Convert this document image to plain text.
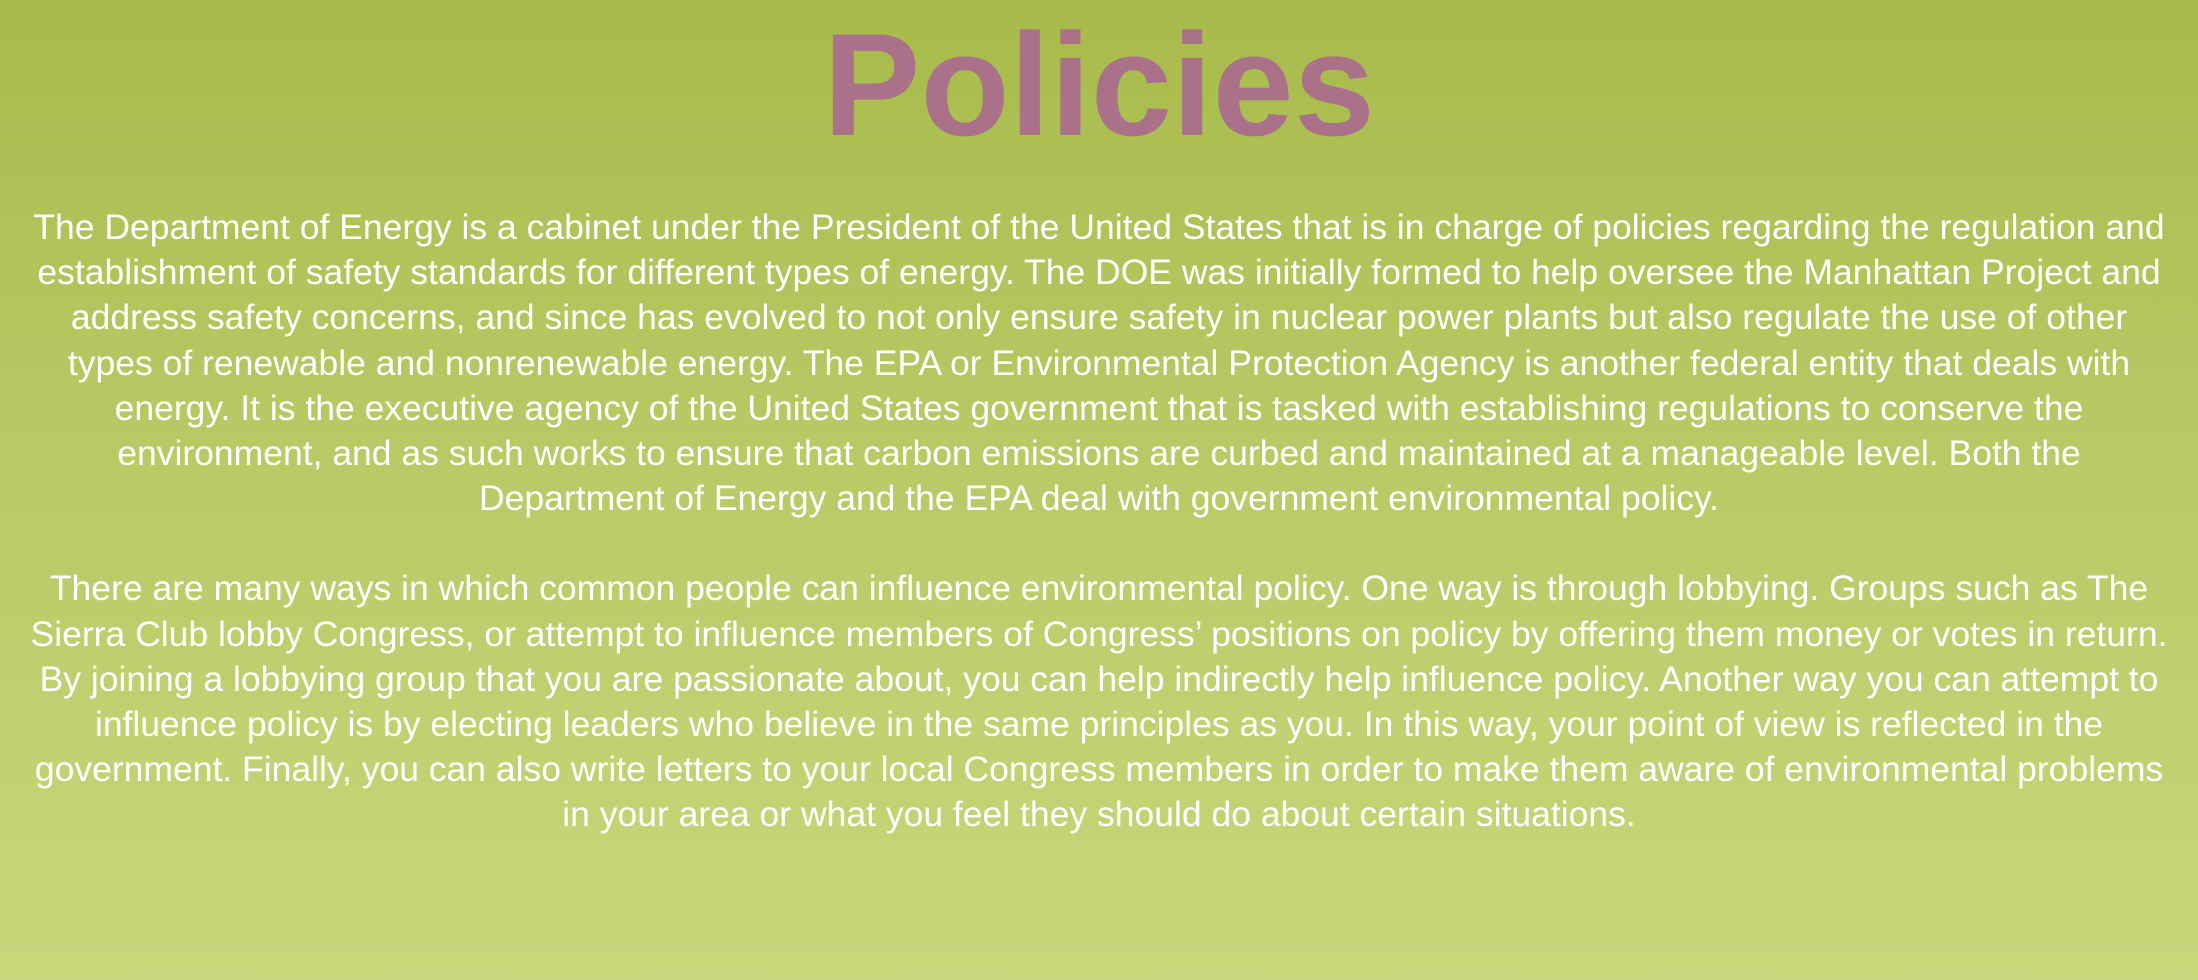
Policies

The Department of Energy is a cabinet under the President of the United States that is in charge of policies regarding the regulation and establishment of safety standards for different types of energy. The DOE was initially formed to help oversee the Manhattan Project and address safety concerns, and since has evolved to not only ensure safety in nuclear power plants but also regulate the use of other types of renewable and nonrenewable energy. The EPA or Environmental Protection Agency is another federal entity that deals with energy. It is the executive agency of the United States government that is tasked with establishing regulations to conserve the environment, and as such works to ensure that carbon emissions are curbed and maintained at a manageable level. Both the Department of Energy and the EPA deal with government environmental policy.

There are many ways in which common people can influence environmental policy. One way is through lobbying. Groups such as The Sierra Club lobby Congress, or attempt to influence members of Congress’ positions on policy by offering them money or votes in return. By joining a lobbying group that you are passionate about, you can help indirectly help influence policy. Another way you can attempt to influence policy is by electing leaders who believe in the same principles as you. In this way, your point of view is reflected in the government. Finally, you can also write letters to your local Congress members in order to make them aware of environmental problems in your area or what you feel they should do about certain situations.
